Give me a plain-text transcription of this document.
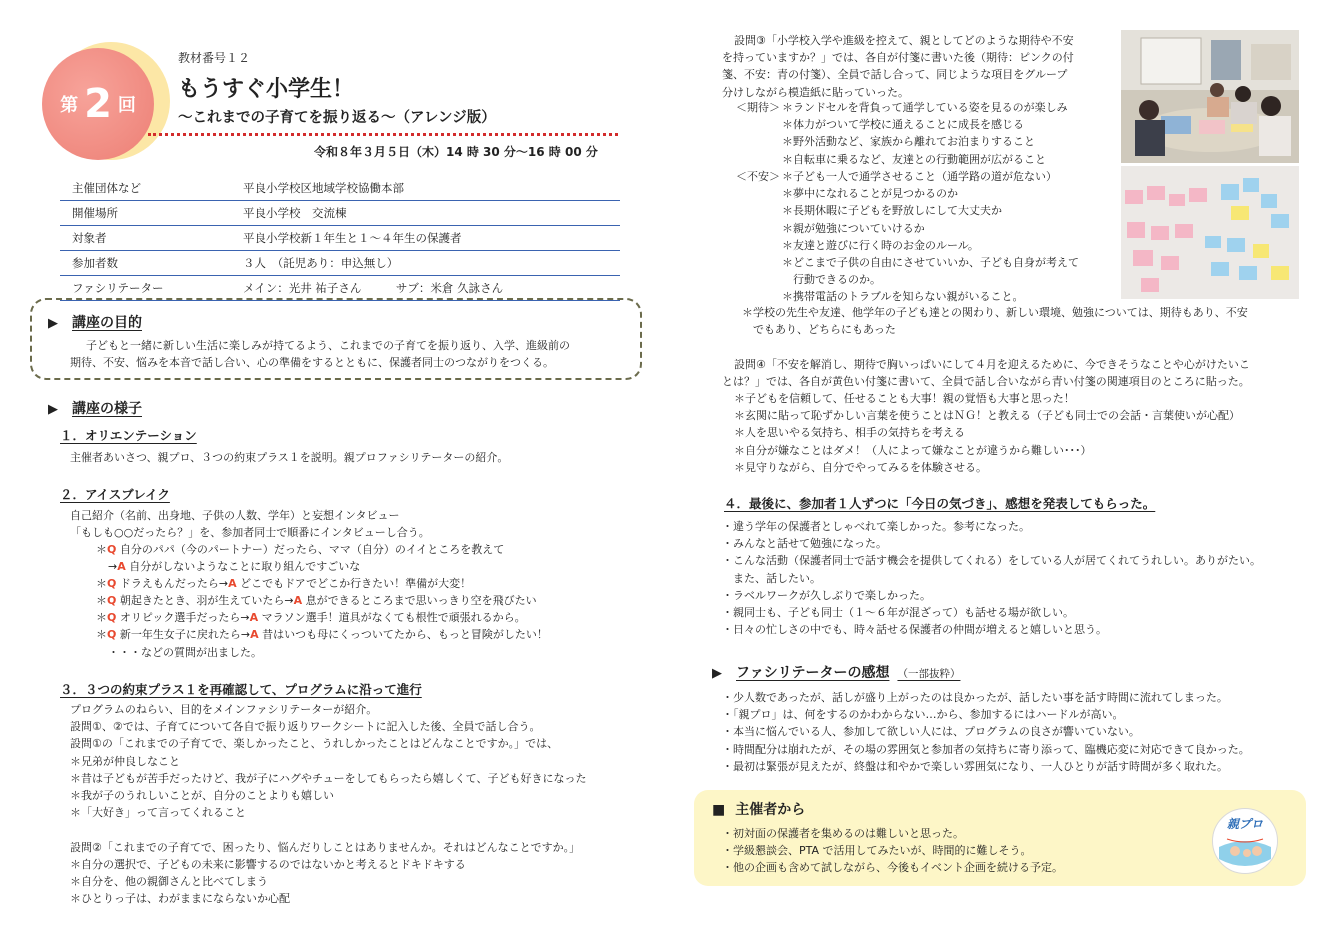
第 2 回
教材番号１２
もうすぐ小学生！
～これまでの子育てを振り返る～（アレンジ版）
令和８年３月５日（木）14 時 30 分～16 時 00 分
主催団体など	平良小学校区地域学校協働本部
開催場所	平良小学校　交流棟
対象者	平良小学校新１年生と１～４年生の保護者
参加者数	３人　（託児あり：申込無し）
ファシリテーター	メイン：光井 祐子さん　　　サブ：米倉 久詠さん
▶ 講座の目的
子どもと一緒に新しい生活に楽しみが持てるよう、これまでの子育てを振り返り、入学、進級前の
期待、不安、悩みを本音で話し合い、心の準備をするとともに、保護者同士のつながりをつくる。
▶ 講座の様子
１．オリエンテーション
主催者あいさつ、親プロ、３つの約束プラス１を説明。親プロファシリテーターの紹介。
２．アイスブレイク
自己紹介（名前、出身地、子供の人数、学年）と妄想インタビュー
「もしも○○だったら？」を、参加者同士で順番にインタビューし合う。
＊Q 自分のパパ（今のパートナー）だったら、ママ（自分）のイイところを教えて
→A 自分がしないようなことに取り組んですごいな
＊Q ドラえもんだったら→A どこでもドアでどこか行きたい！準備が大変！
＊Q 朝起きたとき、羽が生えていたら→A 息ができるところまで思いっきり空を飛びたい
＊Q オリピック選手だったら→A マラソン選手！道具がなくても根性で頑張れるから。
＊Q 新一年生女子に戻れたら→A 昔はいつも母にくっついてたから、もっと冒険がしたい！
・・・などの質問が出ました。
３．３つの約束プラス１を再確認して、プログラムに沿って進行
プログラムのねらい、目的をメインファシリテーターが紹介。
設問①、②では、子育てについて各自で振り返りワークシートに記入した後、全員で話し合う。
設問①の「これまでの子育てで、楽しかったこと、うれしかったことはどんなことですか。」では、
＊兄弟が仲良しなこと
＊昔は子どもが苦手だったけど、我が子にハグやチューをしてもらったら嬉しくて、子ども好きになった
＊我が子のうれしいことが、自分のことよりも嬉しい
＊「大好き」って言ってくれること
設問②「これまでの子育てで、困ったり、悩んだりしことはありませんか。それはどんなことですか。」
＊自分の選択で、子どもの未来に影響するのではないかと考えるとドキドキする
＊自分を、他の親御さんと比べてしまう
＊ひとりっ子は、わがままにならないか心配
設問③「小学校入学や進級を控えて、親としてどのような期待や不安
を持っていますか？」では、各自が付箋に書いた後（期待：ピンクの付
箋、不安：青の付箋）、全員で話し合って、同じような項目をグループ
分けしながら模造紙に貼っていった。
＜期待＞ ＊ランドセルを背負って通学している姿を見るのが楽しみ
＊体力がついて学校に通えることに成長を感じる
＊野外活動など、家族から離れてお泊まりすること
＊自転車に乗るなど、友達との行動範囲が広がること
＜不安＞ ＊子ども一人で通学させること（通学路の道が危ない）
＊夢中になれることが見つかるのか
＊長期休暇に子どもを野放しにして大丈夫か
＊親が勉強についていけるか
＊友達と遊びに行く時のお金のルール。
＊どこまで子供の自由にさせていいか、子ども自身が考えて
　行動できるのか。
＊携帯電話のトラブルを知らない親がいること。
＊学校の先生や友達、他学年の子ども達との関わり、新しい環境、勉強については、期待もあり、不安
　でもあり、どちらにもあった
設問④「不安を解消し、期待で胸いっぱいにして４月を迎えるために、今できそうなことや心がけたいこ
とは？」では、各自が黄色い付箋に書いて、全員で話し合いながら青い付箋の関連項目のところに貼った。
＊子どもを信頼して、任せることも大事！親の覚悟も大事と思った！
＊玄関に貼って恥ずかしい言葉を使うことはＮＧ！と教える（子ども同士での会話・言葉使いが心配）
＊人を思いやる気持ち、相手の気持ちを考える
＊自分が嫌なことはダメ！（人によって嫌なことが違うから難しい･･･）
＊見守りながら、自分でやってみるを体験させる。
４．最後に、参加者１人ずつに「今日の気づき」、感想を発表してもらった。
・違う学年の保護者としゃべれて楽しかった。参考になった。
・みんなと話せて勉強になった。
・こんな活動（保護者同士で話す機会を提供してくれる）をしている人が居てくれてうれしい。ありがたい。
　また、話したい。
・ラベルワークが久しぶりで楽しかった。
・親同士も、子ども同士（１～６年が混ざって）も話せる場が欲しい。
・日々の忙しさの中でも、時々話せる保護者の仲間が増えると嬉しいと思う。
▶ ファシリテーターの感想 （一部抜粋）
・少人数であったが、話しが盛り上がったのは良かったが、話したい事を話す時間に流れてしまった。
・「親プロ」は、何をするのかわからない…から、参加するにはハードルが高い。
・本当に悩んでいる人、参加して欲しい人には、プログラムの良さが響いていない。
・時間配分は崩れたが、その場の雰囲気と参加者の気持ちに寄り添って、臨機応変に対応できて良かった。
・最初は緊張が見えたが、終盤は和やかで楽しい雰囲気になり、一人ひとりが話す時間が多く取れた。
■ 主催者から
・初対面の保護者を集めるのは難しいと思った。
・学級懇談会、PTA で活用してみたいが、時間的に難しそう。
・他の企画も含めて試しながら、今後もイベント企画を続ける予定。
親プロ
